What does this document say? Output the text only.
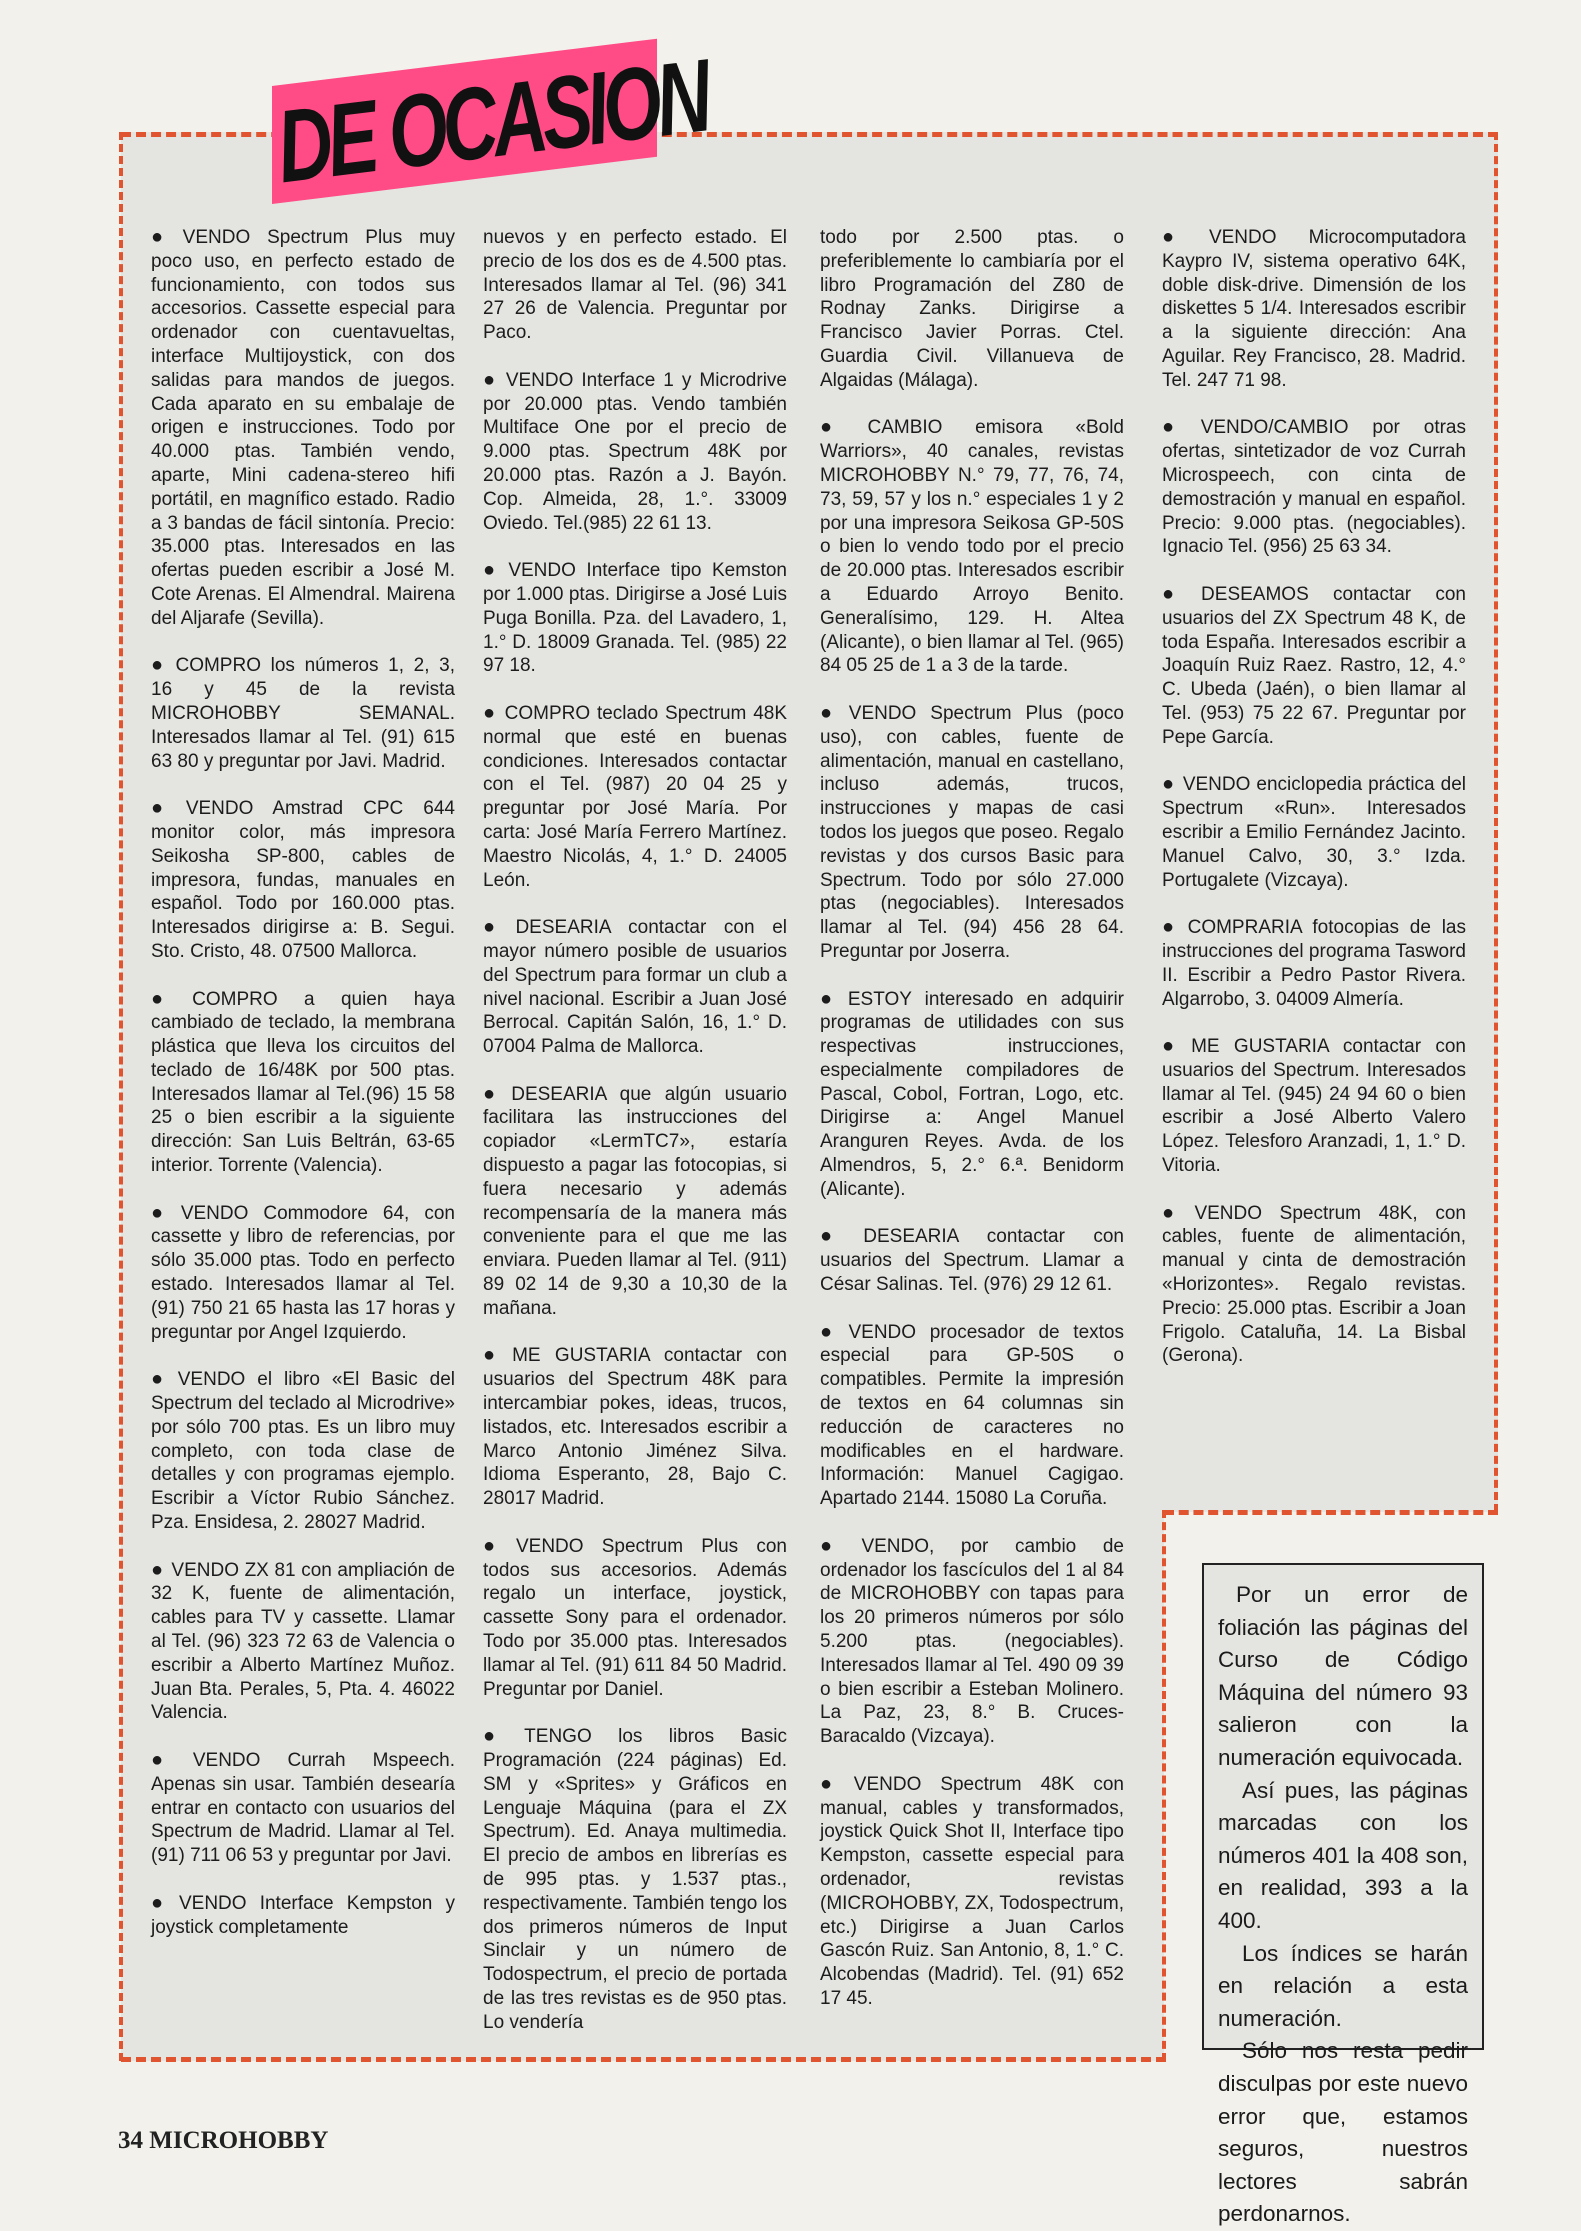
DE OCASION

● VENDO Spectrum Plus muy poco uso, en perfecto estado de funcionamiento, con todos sus accesorios. Cassette especial para ordenador con cuentavueltas, interface Multijoystick, con dos salidas para mandos de juegos. Cada aparato en su embalaje de origen e instrucciones. Todo por 40.000 ptas. También vendo, aparte, Mini cadena-stereo hifi portátil, en magnífico estado. Radio a 3 bandas de fácil sintonía. Precio: 35.000 ptas. Interesados en las ofertas pueden escribir a José M. Cote Arenas. El Almendral. Mairena del Aljarafe (Sevilla).

● COMPRO los números 1, 2, 3, 16 y 45 de la revista MICROHOBBY SEMANAL. Interesados llamar al Tel. (91) 615 63 80 y preguntar por Javi. Madrid.

● VENDO Amstrad CPC 644 monitor color, más impresora Seikosha SP-800, cables de impresora, fundas, manuales en español. Todo por 160.000 ptas. Interesados dirigirse a: B. Segui. Sto. Cristo, 48. 07500 Mallorca.

● COMPRO a quien haya cambiado de teclado, la membrana plástica que lleva los circuitos del teclado de 16/48K por 500 ptas. Interesados llamar al Tel.(96) 15 58 25 o bien escribir a la siguiente dirección: San Luis Beltrán, 63-65 interior. Torrente (Valencia).

● VENDO Commodore 64, con cassette y libro de referencias, por sólo 35.000 ptas. Todo en perfecto estado. Interesados llamar al Tel. (91) 750 21 65 hasta las 17 horas y preguntar por Angel Izquierdo.

● VENDO el libro «El Basic del Spectrum del teclado al Microdrive» por sólo 700 ptas. Es un libro muy completo, con toda clase de detalles y con programas ejemplo. Escribir a Víctor Rubio Sánchez. Pza. Ensidesa, 2. 28027 Madrid.

● VENDO ZX 81 con ampliación de 32 K, fuente de alimentación, cables para TV y cassette. Llamar al Tel. (96) 323 72 63 de Valencia o escribir a Alberto Martínez Muñoz. Juan Bta. Perales, 5, Pta. 4. 46022 Valencia.

● VENDO Currah Mspeech. Apenas sin usar. También desearía entrar en contacto con usuarios del Spectrum de Madrid. Llamar al Tel. (91) 711 06 53 y preguntar por Javi.

● VENDO Interface Kempston y joystick completamente

nuevos y en perfecto estado. El precio de los dos es de 4.500 ptas. Interesados llamar al Tel. (96) 341 27 26 de Valencia. Preguntar por Paco.

● VENDO Interface 1 y Microdrive por 20.000 ptas. Vendo también Multiface One por el precio de 9.000 ptas. Spectrum 48K por 20.000 ptas. Razón a J. Bayón. Cop. Almeida, 28, 1.°. 33009 Oviedo. Tel.(985) 22 61 13.

● VENDO Interface tipo Kemston por 1.000 ptas. Dirigirse a José Luis Puga Bonilla. Pza. del Lavadero, 1, 1.° D. 18009 Granada. Tel. (985) 22 97 18.

● COMPRO teclado Spectrum 48K normal que esté en buenas condiciones. Interesados contactar con el Tel. (987) 20 04 25 y preguntar por José María. Por carta: José María Ferrero Martínez. Maestro Nicolás, 4, 1.° D. 24005 León.

● DESEARIA contactar con el mayor número posible de usuarios del Spectrum para formar un club a nivel nacional. Escribir a Juan José Berrocal. Capitán Salón, 16, 1.° D. 07004 Palma de Mallorca.

● DESEARIA que algún usuario facilitara las instrucciones del copiador «LermTC7», estaría dispuesto a pagar las fotocopias, si fuera necesario y además recompensaría de la manera más conveniente para el que me las enviara. Pueden llamar al Tel. (911) 89 02 14 de 9,30 a 10,30 de la mañana.

● ME GUSTARIA contactar con usuarios del Spectrum 48K para intercambiar pokes, ideas, trucos, listados, etc. Interesados escribir a Marco Antonio Jiménez Silva. Idioma Esperanto, 28, Bajo C. 28017 Madrid.

● VENDO Spectrum Plus con todos sus accesorios. Además regalo un interface, joystick, cassette Sony para el ordenador. Todo por 35.000 ptas. Interesados llamar al Tel. (91) 611 84 50 Madrid. Preguntar por Daniel.

● TENGO los libros Basic Programación (224 páginas) Ed. SM y «Sprites» y Gráficos en Lenguaje Máquina (para el ZX Spectrum). Ed. Anaya multimedia. El precio de ambos en librerías es de 995 ptas. y 1.537 ptas., respectivamente. También tengo los dos primeros números de Input Sinclair y un número de Todospectrum, el precio de portada de las tres revistas es de 950 ptas. Lo vendería

todo por 2.500 ptas. o preferiblemente lo cambiaría por el libro Programación del Z80 de Rodnay Zanks. Dirigirse a Francisco Javier Porras. Ctel. Guardia Civil. Villanueva de Algaidas (Málaga).

● CAMBIO emisora «Bold Warriors», 40 canales, revistas MICROHOBBY N.° 79, 77, 76, 74, 73, 59, 57 y los n.° especiales 1 y 2 por una impresora Seikosa GP-50S o bien lo vendo todo por el precio de 20.000 ptas. Interesados escribir a Eduardo Arroyo Benito. Generalísimo, 129. H. Altea (Alicante), o bien llamar al Tel. (965) 84 05 25 de 1 a 3 de la tarde.

● VENDO Spectrum Plus (poco uso), con cables, fuente de alimentación, manual en castellano, incluso además, trucos, instrucciones y mapas de casi todos los juegos que poseo. Regalo revistas y dos cursos Basic para Spectrum. Todo por sólo 27.000 ptas (negociables). Interesados llamar al Tel. (94) 456 28 64. Preguntar por Joserra.

● ESTOY interesado en adquirir programas de utilidades con sus respectivas instrucciones, especialmente compiladores de Pascal, Cobol, Fortran, Logo, etc. Dirigirse a: Angel Manuel Aranguren Reyes. Avda. de los Almendros, 5, 2.° 6.ª. Benidorm (Alicante).

● DESEARIA contactar con usuarios del Spectrum. Llamar a César Salinas. Tel. (976) 29 12 61.

● VENDO procesador de textos especial para GP-50S o compatibles. Permite la impresión de textos en 64 columnas sin reducción de caracteres no modificables en el hardware. Información: Manuel Cagigao. Apartado 2144. 15080 La Coruña.

● VENDO, por cambio de ordenador los fascículos del 1 al 84 de MICROHOBBY con tapas para los 20 primeros números por sólo 5.200 ptas. (negociables). Interesados llamar al Tel. 490 09 39 o bien escribir a Esteban Molinero. La Paz, 23, 8.° B. Cruces-Baracaldo (Vizcaya).

● VENDO Spectrum 48K con manual, cables y transformados, joystick Quick Shot II, Interface tipo Kempston, cassette especial para ordenador, revistas (MICROHOBBY, ZX, Todospectrum, etc.) Dirigirse a Juan Carlos Gascón Ruiz. San Antonio, 8, 1.° C. Alcobendas (Madrid). Tel. (91) 652 17 45.

● VENDO Microcomputadora Kaypro IV, sistema operativo 64K, doble disk-drive. Dimensión de los diskettes 5 1/4. Interesados escribir a la siguiente dirección: Ana Aguilar. Rey Francisco, 28. Madrid. Tel. 247 71 98.

● VENDO/CAMBIO por otras ofertas, sintetizador de voz Currah Microspeech, con cinta de demostración y manual en español. Precio: 9.000 ptas. (negociables). Ignacio Tel. (956) 25 63 34.

● DESEAMOS contactar con usuarios del ZX Spectrum 48 K, de toda España. Interesados escribir a Joaquín Ruiz Raez. Rastro, 12, 4.° C. Ubeda (Jaén), o bien llamar al Tel. (953) 75 22 67. Preguntar por Pepe García.

● VENDO enciclopedia práctica del Spectrum «Run». Interesados escribir a Emilio Fernández Jacinto. Manuel Calvo, 30, 3.° Izda. Portugalete (Vizcaya).

● COMPRARIA fotocopias de las instrucciones del programa Tasword II. Escribir a Pedro Pastor Rivera. Algarrobo, 3. 04009 Almería.

● ME GUSTARIA contactar con usuarios del Spectrum. Interesados llamar al Tel. (945) 24 94 60 o bien escribir a José Alberto Valero López. Telesforo Aranzadi, 1, 1.° D. Vitoria.

● VENDO Spectrum 48K, con cables, fuente de alimentación, manual y cinta de demostración «Horizontes». Regalo revistas. Precio: 25.000 ptas. Escribir a Joan Frigolo. Cataluña, 14. La Bisbal (Gerona).

Por un error de foliación las páginas del Curso de Código Máquina del número 93 salieron con la numeración equivocada.

Así pues, las páginas marcadas con los números 401 la 408 son, en realidad, 393 a la 400.

Los índices se harán en relación a esta numeración.

Sólo nos resta pedir disculpas por este nuevo error que, estamos seguros, nuestros lectores sabrán perdonarnos.

34 MICROHOBBY
